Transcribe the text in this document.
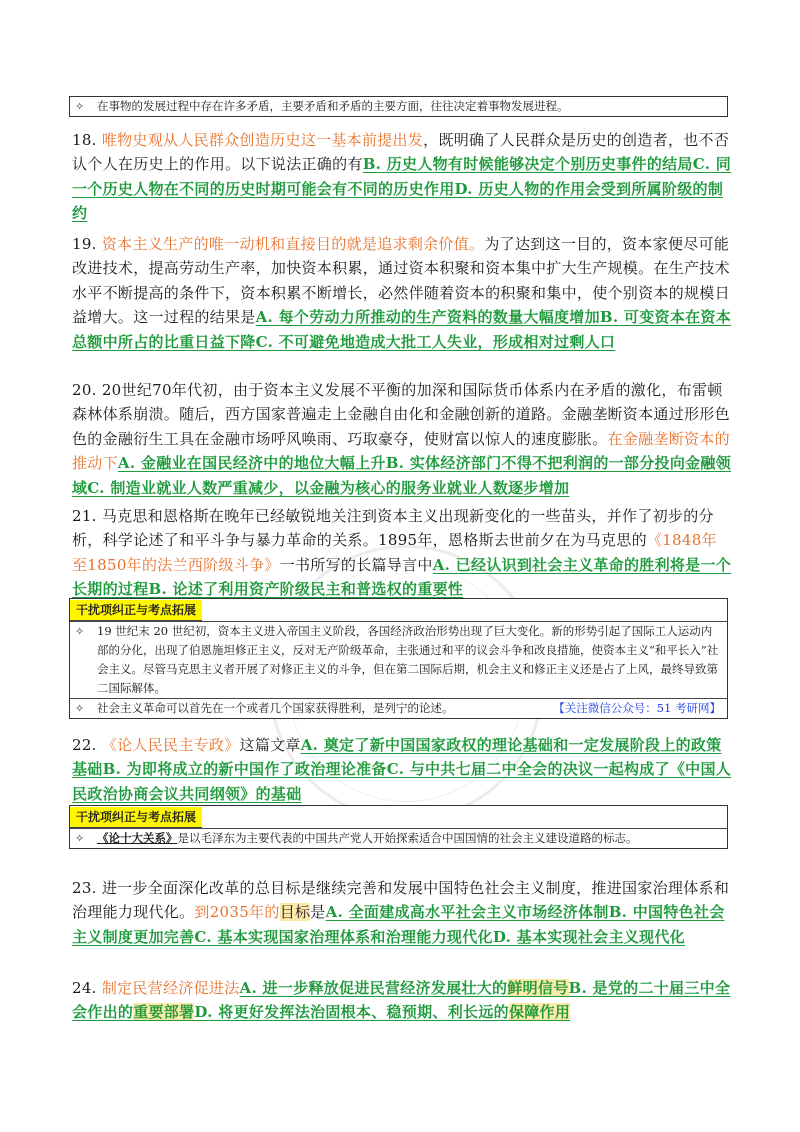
✧	在事物的发展过程中存在许多矛盾，主要矛盾和矛盾的主要方面，往往决定着事物发展进程。
18. 唯物史观从人民群众创造历史这一基本前提出发，既明确了人民群众是历史的创造者，也不否认个人在历史上的作用。以下说法正确的有B. 历史人物有时候能够决定个别历史事件的结局C. 同一个历史人物在不同的历史时期可能会有不同的历史作用D. 历史人物的作用会受到所属阶级的制约
19. 资本主义生产的唯一动机和直接目的就是追求剩余价值。为了达到这一目的，资本家便尽可能改进技术，提高劳动生产率，加快资本积累，通过资本积聚和资本集中扩大生产规模。在生产技术水平不断提高的条件下，资本积累不断增长，必然伴随着资本的积聚和集中，使个别资本的规模日益增大。这一过程的结果是A. 每个劳动力所推动的生产资料的数量大幅度增加B. 可变资本在资本总额中所占的比重日益下降C. 不可避免地造成大批工人失业，形成相对过剩人口
20. 20世纪70年代初，由于资本主义发展不平衡的加深和国际货币体系内在矛盾的激化，布雷顿森林体系崩溃。随后，西方国家普遍走上金融自由化和金融创新的道路。金融垄断资本通过形形色色的金融衍生工具在金融市场呼风唤雨、巧取豪夺，使财富以惊人的速度膨胀。在金融垄断资本的推动下A. 金融业在国民经济中的地位大幅上升B. 实体经济部门不得不把利润的一部分投向金融领域C. 制造业就业人数严重减少，以金融为核心的服务业就业人数逐步增加
21. 马克思和恩格斯在晚年已经敏锐地关注到资本主义出现新变化的一些苗头，并作了初步的分析，科学论述了和平斗争与暴力革命的关系。1895年，恩格斯去世前夕在为马克思的《1848年至1850年的法兰西阶级斗争》一书所写的长篇导言中A. 已经认识到社会主义革命的胜利将是一个长期的过程B. 论述了利用资产阶级民主和普选权的重要性
干扰项纠正与考点拓展
✧	19 世纪末 20 世纪初，资本主义进入帝国主义阶段，各国经济政治形势出现了巨大变化。新的形势引起了国际工人运动内部的分化，出现了伯恩施坦修正主义，反对无产阶级革命，主张通过和平的议会斗争和改良措施，使资本主义“和平长入”社会主义。尽管马克思主义者开展了对修正主义的斗争，但在第二国际后期，机会主义和修正主义还是占了上风，最终导致第二国际解体。
✧	社会主义革命可以首先在一个或者几个国家获得胜利，是列宁的论述。	【关注微信公众号：51 考研网】
22. 《论人民民主专政》这篇文章A. 奠定了新中国国家政权的理论基础和一定发展阶段上的政策基础B. 为即将成立的新中国作了政治理论准备C. 与中共七届二中全会的决议一起构成了《中国人民政治协商会议共同纲领》的基础
干扰项纠正与考点拓展
✧	《论十大关系》是以毛泽东为主要代表的中国共产党人开始探索适合中国国情的社会主义建设道路的标志。
23. 进一步全面深化改革的总目标是继续完善和发展中国特色社会主义制度，推进国家治理体系和治理能力现代化。到2035年的目标是A. 全面建成高水平社会主义市场经济体制B. 中国特色社会主义制度更加完善C. 基本实现国家治理体系和治理能力现代化D. 基本实现社会主义现代化
24. 制定民营经济促进法A. 进一步释放促进民营经济发展壮大的鲜明信号B. 是党的二十届三中全会作出的重要部署D. 将更好发挥法治固根本、稳预期、利长远的保障作用
